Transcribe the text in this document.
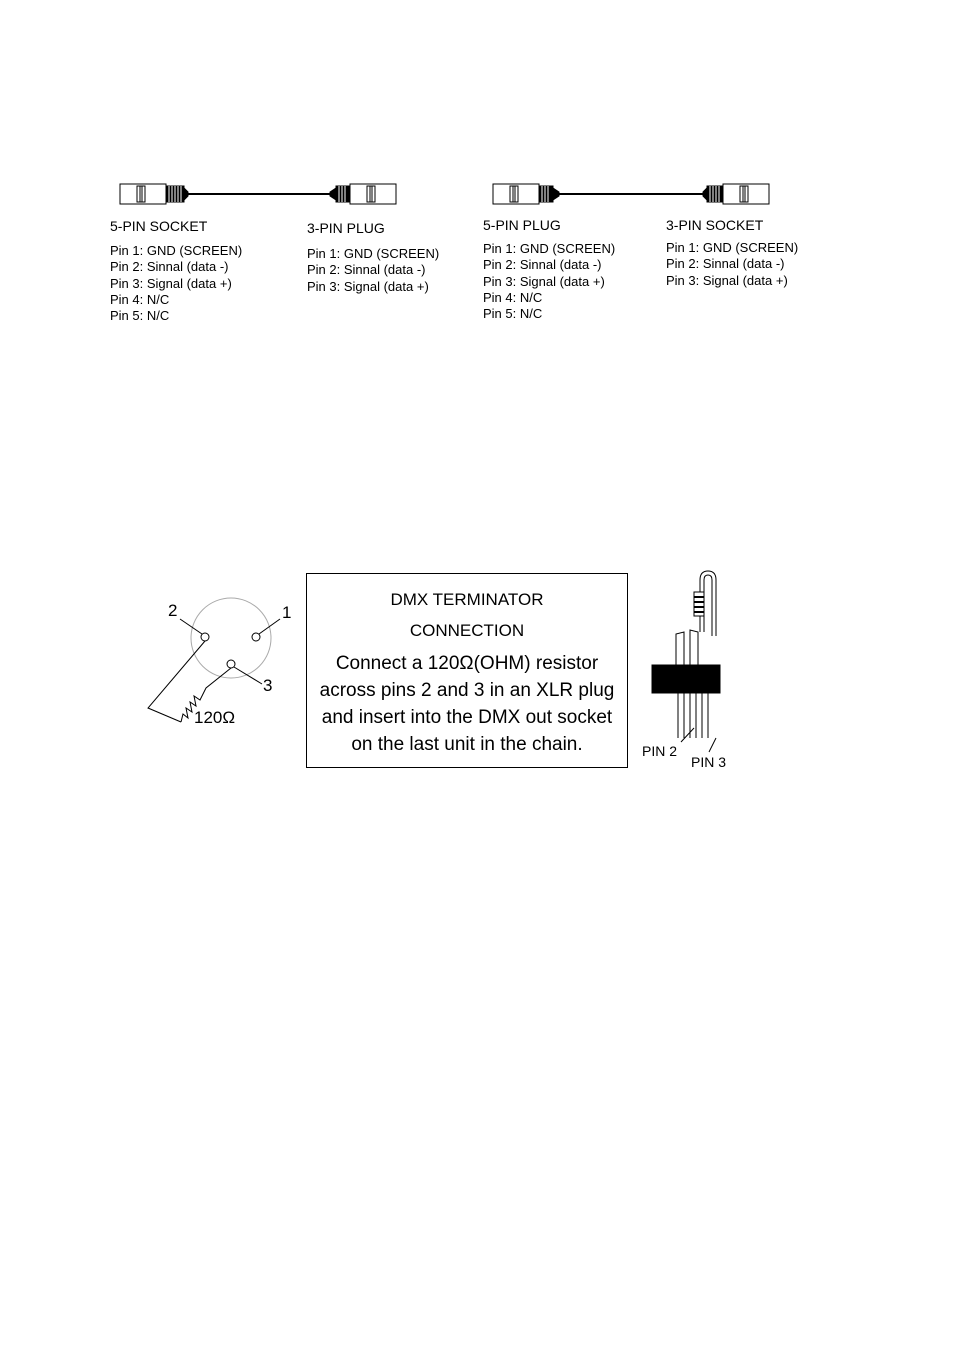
5-PIN SOCKET
Pin 1: GND (SCREEN)
Pin 2: Sinnal (data -)
Pin 3: Signal (data +)
Pin 4: N/C
Pin 5: N/C
3-PIN PLUG
Pin 1: GND (SCREEN)
Pin 2: Sinnal (data -)
Pin 3: Signal (data +)
5-PIN PLUG
Pin 1: GND (SCREEN)
Pin 2: Sinnal (data -)
Pin 3: Signal (data +)
Pin 4: N/C
Pin 5: N/C
3-PIN SOCKET
Pin 1: GND (SCREEN)
Pin 2: Sinnal (data -)
Pin 3: Signal (data +)
2	1
3
120Ω
DMX TERMINATOR
CONNECTION
Connect a 120Ω(OHM) resistor
across pins 2 and 3 in an XLR plug
and insert into the DMX out socket
on the last unit in the chain.	PIN 2
PIN 3
